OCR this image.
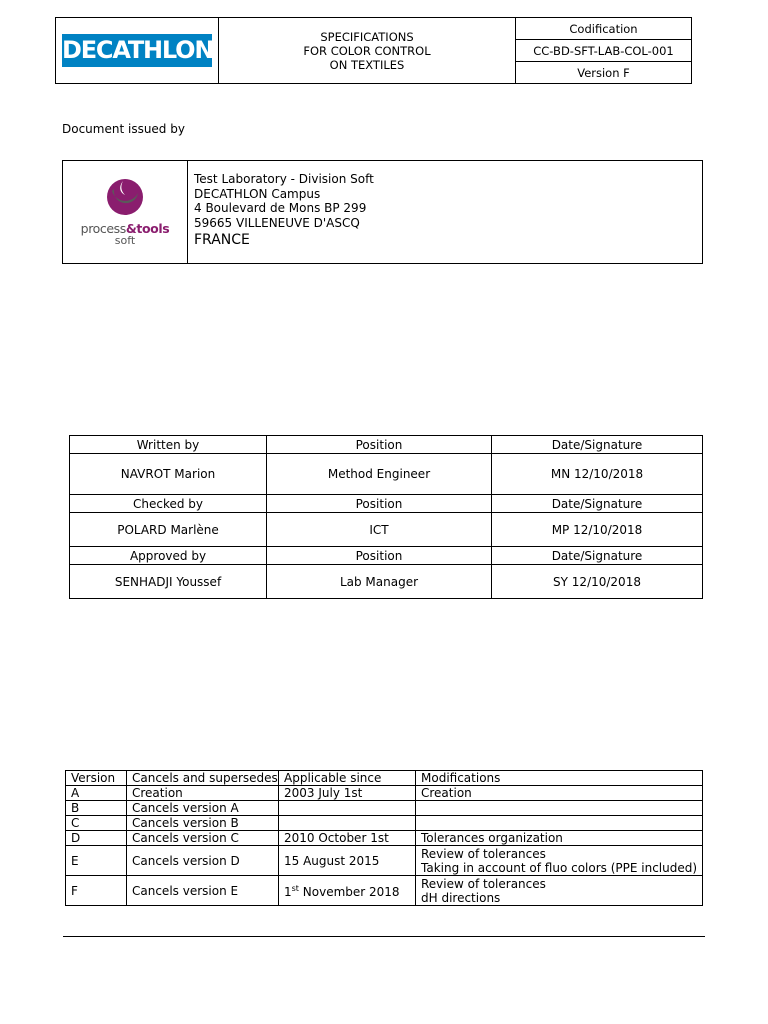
DECATHLON	SPECIFICATIONS
FOR COLOR CONTROL
ON TEXTILES
	Codification
CC-BD-SFT-LAB-COL-001
Version F
Document issued by
process&tools
soft

Test Laboratory - Division Soft
DECATHLON Campus
4 Boulevard de Mons BP 299
59665 VILLENEUVE D'ASCQ
FRANCE
Written by	Position	Date/Signature
NAVROT Marion	Method Engineer	MN 12/10/2018
Checked by	Position	Date/Signature
POLARD Marlène	ICT	MP 12/10/2018
Approved by	Position	Date/Signature
SENHADJI Youssef	Lab Manager	SY 12/10/2018
Version	Cancels and supersedes	Applicable since	Modifications
A	Creation	2003 July 1st	Creation
B	Cancels version A		
C	Cancels version B		
D	Cancels version C	2010 October 1st	Tolerances organization
E	Cancels version D	15 August 2015	Review of tolerances
Taking in account of fluo colors (PPE included)

F	Cancels version E	1st November 2018	Review of tolerances
dH directions
